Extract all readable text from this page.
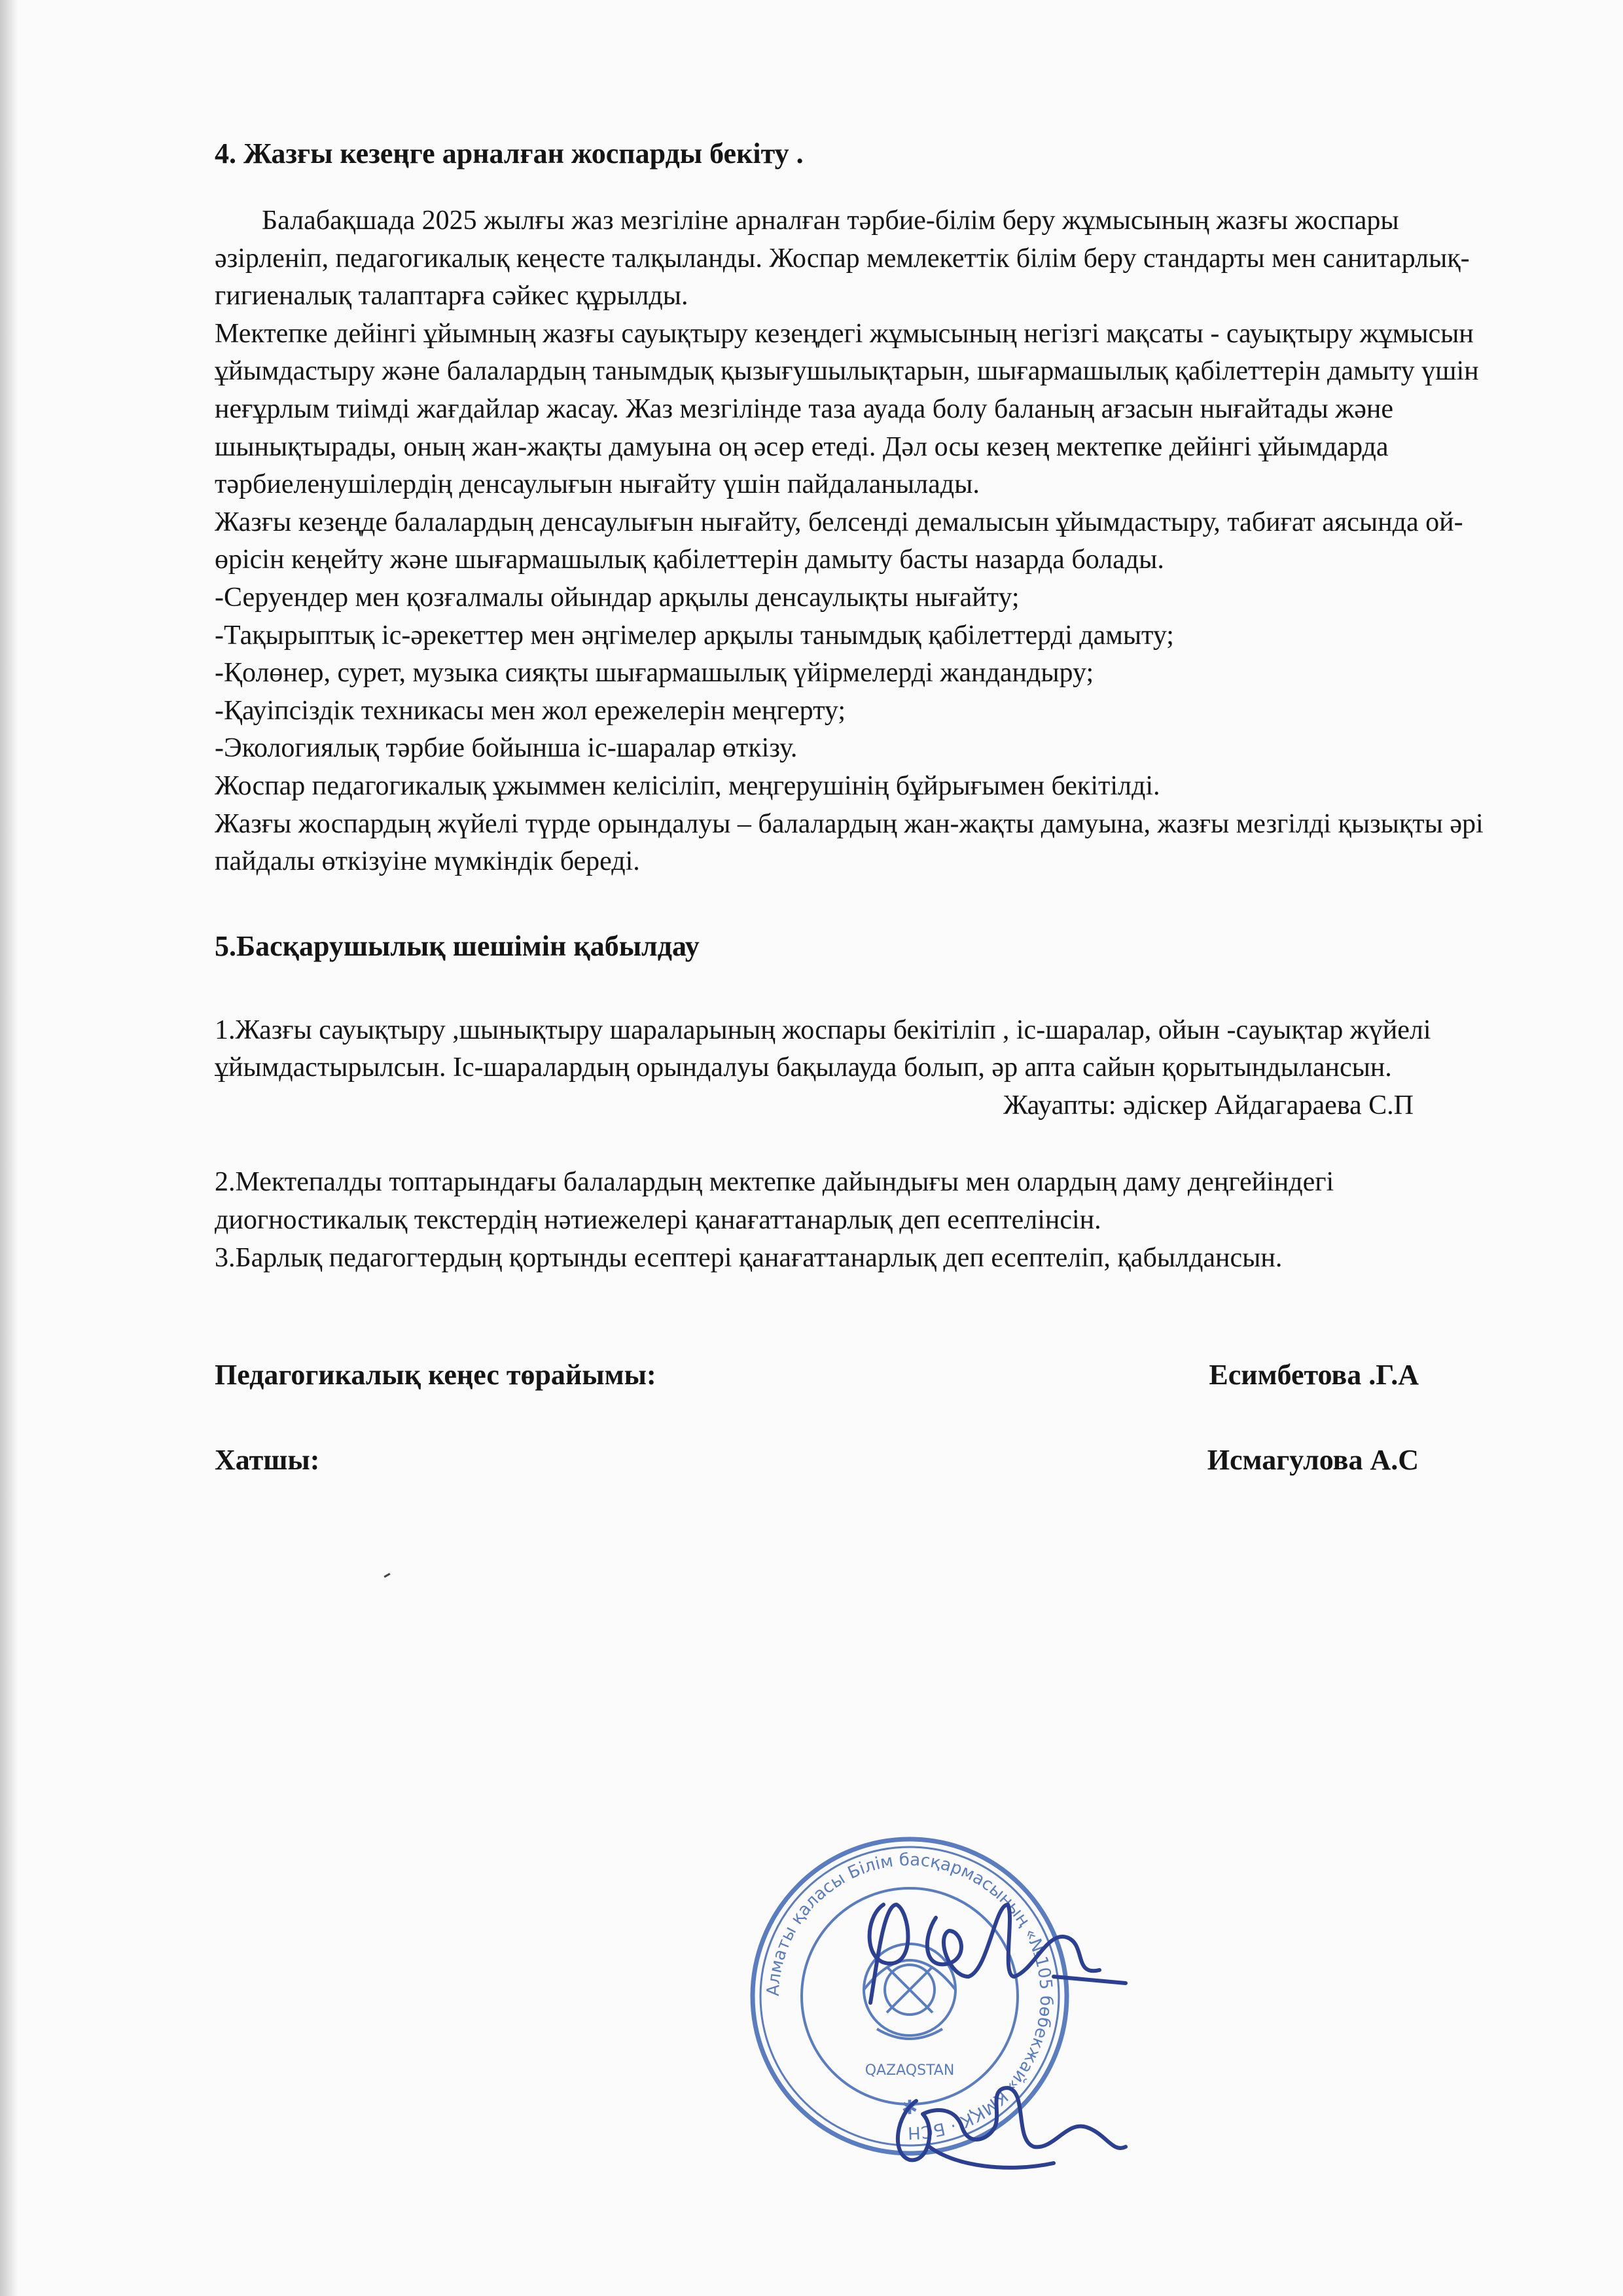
4. Жазғы кезеңге арналған жоспарды бекіту .

Балабақшада 2025 жылғы жаз мезгіліне арналған тәрбие-білім беру жұмысының жазғы жоспары әзірленіп, педагогикалық кеңесте талқыланды. Жоспар мемлекеттік білім беру стандарты мен санитарлық-гигиеналық талаптарға сәйкес құрылды.

Мектепке дейінгі ұйымның жазғы сауықтыру кезеңдегі жұмысының негізгі мақсаты - сауықтыру жұмысын ұйымдастыру және балалардың танымдық қызығушылықтарын, шығармашылық қабілеттерін дамыту үшін неғұрлым тиімді жағдайлар жасау. Жаз мезгілінде таза ауада болу баланың ағзасын нығайтады және шынықтырады, оның жан-жақты дамуына оң әсер етеді. Дәл осы кезең мектепке дейінгі ұйымдарда тәрбиеленушілердің денсаулығын нығайту үшін пайдаланылады.

Жазғы кезеңде балалардың денсаулығын нығайту, белсенді демалысын ұйымдастыру, табиғат аясында ой-өрісін кеңейту және шығармашылық қабілеттерін дамыту басты назарда болады.

-Серуендер мен қозғалмалы ойындар арқылы денсаулықты нығайту;

-Тақырыптық іс-әрекеттер мен әңгімелер арқылы танымдық қабілеттерді дамыту;

-Қолөнер, сурет, музыка сияқты шығармашылық үйірмелерді жандандыру;

-Қауіпсіздік техникасы мен жол ережелерін меңгерту;

-Экологиялық тәрбие бойынша іс-шаралар өткізу.

Жоспар педагогикалық ұжыммен келісіліп, меңгерушінің бұйрығымен бекітілді.

Жазғы жоспардың жүйелі түрде орындалуы – балалардың жан-жақты дамуына, жазғы мезгілді қызықты әрі пайдалы өткізуіне мүмкіндік береді.

5.Басқарушылық шешімін қабылдау

1.Жазғы сауықтыру ,шынықтыру шараларының жоспары бекітіліп , іс-шаралар, ойын -сауықтар жүйелі ұйымдастырылсын. Іс-шаралардың орындалуы бақылауда болып, әр апта сайын қорытындылансын.

Жауапты: әдіскер Айдагараева С.П

2.Мектепалды топтарындағы балалардың мектепке дайындығы мен олардың даму деңгейіндегі диогностикалық текстердің нәтиежелері қанағаттанарлық деп есептелінсін.

3.Барлық педагогтердың қортынды есептері қанағаттанарлық деп есептеліп, қабылдансын.

Педагогикалық кеңес төрайымы:	Есимбетова .Г.А
Хатшы:	Исмагулова А.С
Алматы қаласы Білім басқармасының «№105 бөбекжай» КМҚК · БСН
QAZAQSTAN
✱
